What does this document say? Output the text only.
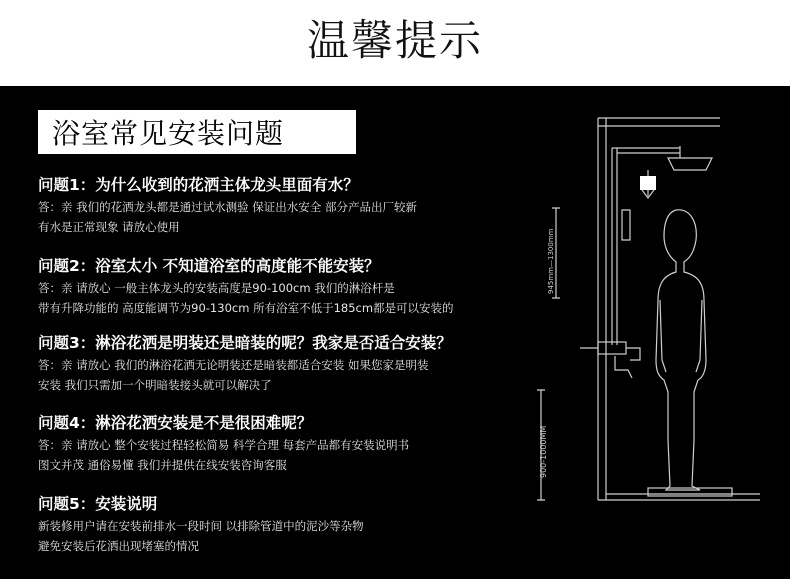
温馨提示
浴室常见安装问题
问题1：为什么收到的花洒主体龙头里面有水？
答：亲 我们的花洒龙头都是通过试水测验 保证出水安全 部分产品出厂较新
有水是正常现象 请放心使用
问题2：浴室太小 不知道浴室的高度能不能安装？
答：亲 请放心 一般主体龙头的安装高度是90-100cm 我们的淋浴杆是
带有升降功能的 高度能调节为90-130cm 所有浴室不低于185cm都是可以安装的
问题3：淋浴花洒是明装还是暗装的呢？我家是否适合安装？
答：亲 请放心 我们的淋浴花洒无论明装还是暗装都适合安装 如果您家是明装
安装 我们只需加一个明暗装接头就可以解决了
问题4：淋浴花洒安装是不是很困难呢？
答：亲 请放心 整个安装过程轻松简易 科学合理 每套产品都有安装说明书
图文并茂 通俗易懂 我们并提供在线安装咨询客服
问题5：安装说明
新装修用户请在安装前排水一段时间 以排除管道中的泥沙等杂物
避免安装后花洒出现堵塞的情况
945mm—1300mm
900-1000MM
